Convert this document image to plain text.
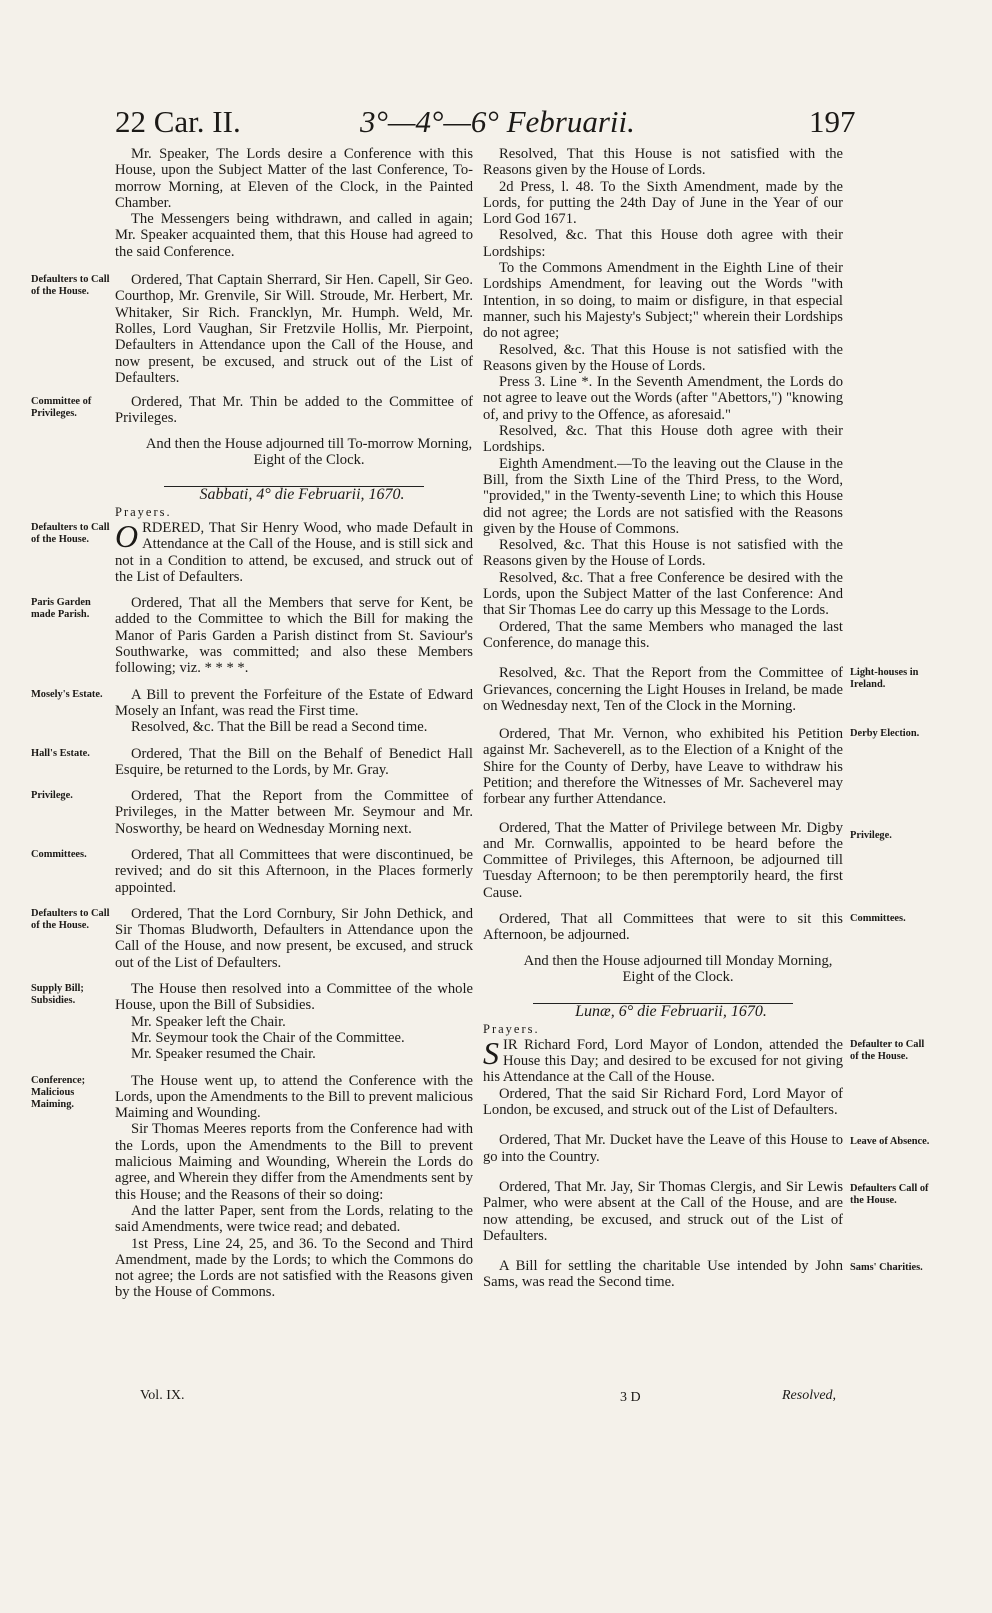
22 Car. II.	3°—4°—6° Februarii.	197

Mr. Speaker, The Lords desire a Conference with this House, upon the Subject Matter of the last Conference, To-morrow Morning, at Eleven of the Clock, in the Painted Chamber.

The Messengers being withdrawn, and called in again; Mr. Speaker acquainted them, that this House had agreed to the said Conference.

Defaulters to Call of the House.

Ordered, That Captain Sherrard, Sir Hen. Capell, Sir Geo. Courthop, Mr. Grenvile, Sir Will. Stroude, Mr. Herbert, Mr. Whitaker, Sir Rich. Francklyn, Mr. Humph. Weld, Mr. Rolles, Lord Vaughan, Sir Fretzvile Hollis, Mr. Pierpoint, Defaulters in Attendance upon the Call of the House, and now present, be excused, and struck out of the List of Defaulters.

Committee of Privileges.

Ordered, That Mr. Thin be added to the Committee of Privileges.

And then the House adjourned till To-morrow Morning, Eight of the Clock.

Sabbati, 4° die Februarii, 1670.

Prayers.

Defaulters to Call of the House. O RDERED, That Sir Henry Wood, who made Default in Attendance at the Call of the House, and is still sick and not in a Condition to attend, be excused, and struck out of the List of Defaulters.

Paris Garden made Parish.

Ordered, That all the Members that serve for Kent, be added to the Committee to which the Bill for making the Manor of Paris Garden a Parish distinct from St. Saviour's Southwarke, was committed; and also these Members following; viz. * * * *.

Mosely's Estate.	A Bill to prevent the Forfeiture of the Estate of Edward Mosely an Infant, was read the First time.

Resolved, &c. That the Bill be read a Second time.

Hall's Estate.	Ordered, That the Bill on the Behalf of Benedict Hall Esquire, be returned to the Lords, by Mr. Gray.

Privilege.	Ordered, That the Report from the Committee of Privileges, in the Matter between Mr. Seymour and Mr. Nosworthy, be heard on Wednesday Morning next.

Committees.	Ordered, That all Committees that were discontinued, be revived; and do sit this Afternoon, in the Places formerly appointed.

Defaulters to Call of the House.

Ordered, That the Lord Cornbury, Sir John Dethick, and Sir Thomas Bludworth, Defaulters in Attendance upon the Call of the House, and now present, be excused, and struck out of the List of Defaulters.

Supply Bill; Subsidies.

The House then resolved into a Committee of the whole House, upon the Bill of Subsidies.

Mr. Speaker left the Chair.

Mr. Seymour took the Chair of the Committee.

Mr. Speaker resumed the Chair.

Conference; Malicious Maiming.

The House went up, to attend the Conference with the Lords, upon the Amendments to the Bill to prevent malicious Maiming and Wounding.

Sir Thomas Meeres reports from the Conference had with the Lords, upon the Amendments to the Bill to prevent malicious Maiming and Wounding, Wherein the Lords do agree, and Wherein they differ from the Amendments sent by this House; and the Reasons of their so doing:

And the latter Paper, sent from the Lords, relating to the said Amendments, were twice read; and debated.

1st Press, Line 24, 25, and 36. To the Second and Third Amendment, made by the Lords; to which the Commons do not agree; the Lords are not satisfied with the Reasons given by the House of Commons.

Resolved, That this House is not satisfied with the Reasons given by the House of Lords.

2d Press, l. 48. To the Sixth Amendment, made by the Lords, for putting the 24th Day of June in the Year of our Lord God 1671.

Resolved, &c. That this House doth agree with their Lordships:

To the Commons Amendment in the Eighth Line of their Lordships Amendment, for leaving out the Words "with Intention, in so doing, to maim or disfigure, in that especial manner, such his Majesty's Subject;" wherein their Lordships do not agree;

Resolved, &c. That this House is not satisfied with the Reasons given by the House of Lords.

Press 3. Line *. In the Seventh Amendment, the Lords do not agree to leave out the Words (after "Abettors,") "knowing of, and privy to the Offence, as aforesaid."

Resolved, &c. That this House doth agree with their Lordships.

Eighth Amendment.—To the leaving out the Clause in the Bill, from the Sixth Line of the Third Press, to the Word, "provided," in the Twenty-seventh Line; to which this House did not agree; the Lords are not satisfied with the Reasons given by the House of Commons.

Resolved, &c. That this House is not satisfied with the Reasons given by the House of Lords.

Resolved, &c. That a free Conference be desired with the Lords, upon the Subject Matter of the last Conference: And that Sir Thomas Lee do carry up this Message to the Lords.

Ordered, That the same Members who managed the last Conference, do manage this.

Light-houses in Ireland.

Resolved, &c. That the Report from the Committee of Grievances, concerning the Light Houses in Ireland, be made on Wednesday next, Ten of the Clock in the Morning.

Derby Election.

Ordered, That Mr. Vernon, who exhibited his Petition against Mr. Sacheverell, as to the Election of a Knight of the Shire for the County of Derby, have Leave to withdraw his Petition; and therefore the Witnesses of Mr. Sacheverel may forbear any further Attendance.

Privilege.

Ordered, That the Matter of Privilege between Mr. Digby and Mr. Cornwallis, appointed to be heard before the Committee of Privileges, this Afternoon, be adjourned till Tuesday Afternoon; to be then peremptorily heard, the first Cause.

Committees.

Ordered, That all Committees that were to sit this Afternoon, be adjourned.

And then the House adjourned till Monday Morning, Eight of the Clock.

Lunæ, 6° die Februarii, 1670.

Prayers.

Defaulter to Call of the House.
S IR Richard Ford, Lord Mayor of London, attended the House this Day; and desired to be excused for not giving his Attendance at the Call of the House.

Ordered, That the said Sir Richard Ford, Lord Mayor of London, be excused, and struck out of the List of Defaulters.

Leave of Absence.

Ordered, That Mr. Ducket have the Leave of this House to go into the Country.

Defaulters Call of the House.

Ordered, That Mr. Jay, Sir Thomas Clergis, and Sir Lewis Palmer, who were absent at the Call of the House, and are now attending, be excused, and struck out of the List of Defaulters.

Sams' Charities.

A Bill for settling the charitable Use intended by John Sams, was read the Second time.

Vol. IX.	3 D	Resolved,
